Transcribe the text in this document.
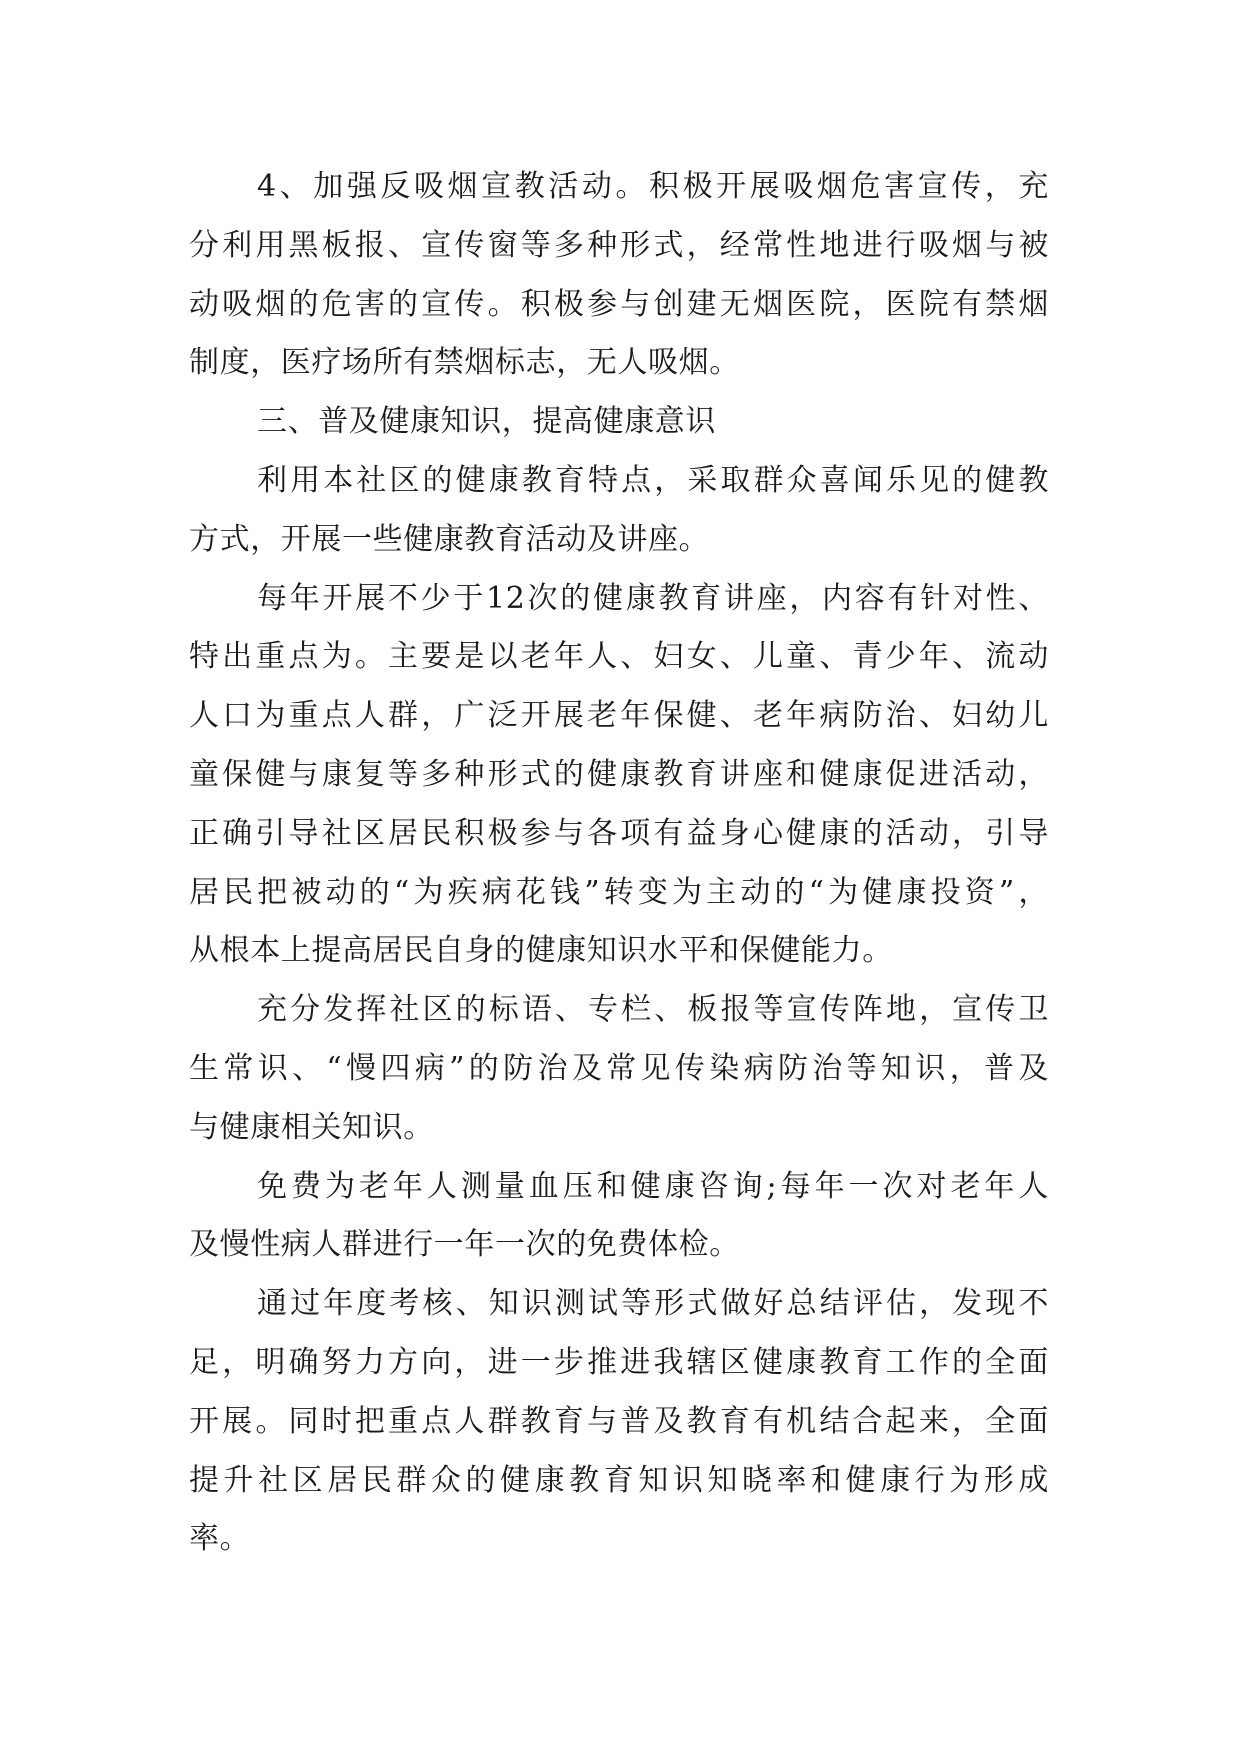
4、加强反吸烟宣教活动。积极开展吸烟危害宣传，充
分利用黑板报、宣传窗等多种形式，经常性地进行吸烟与被
动吸烟的危害的宣传。积极参与创建无烟医院，医院有禁烟
制度，医疗场所有禁烟标志，无人吸烟。
三、普及健康知识，提高健康意识
利用本社区的健康教育特点，采取群众喜闻乐见的健教
方式，开展一些健康教育活动及讲座。
每年开展不少于12次的健康教育讲座，内容有针对性、
特出重点为。主要是以老年人、妇女、儿童、青少年、流动
人口为重点人群，广泛开展老年保健、老年病防治、妇幼儿
童保健与康复等多种形式的健康教育讲座和健康促进活动，
正确引导社区居民积极参与各项有益身心健康的活动，引导
居民把被动的“为疾病花钱”转变为主动的“为健康投资”，
从根本上提高居民自身的健康知识水平和保健能力。
充分发挥社区的标语、专栏、板报等宣传阵地，宣传卫
生常识、“慢四病”的防治及常见传染病防治等知识，普及
与健康相关知识。
免费为老年人测量血压和健康咨询;每年一次对老年人
及慢性病人群进行一年一次的免费体检。
通过年度考核、知识测试等形式做好总结评估，发现不
足，明确努力方向，进一步推进我辖区健康教育工作的全面
开展。同时把重点人群教育与普及教育有机结合起来，全面
提升社区居民群众的健康教育知识知晓率和健康行为形成
率。
